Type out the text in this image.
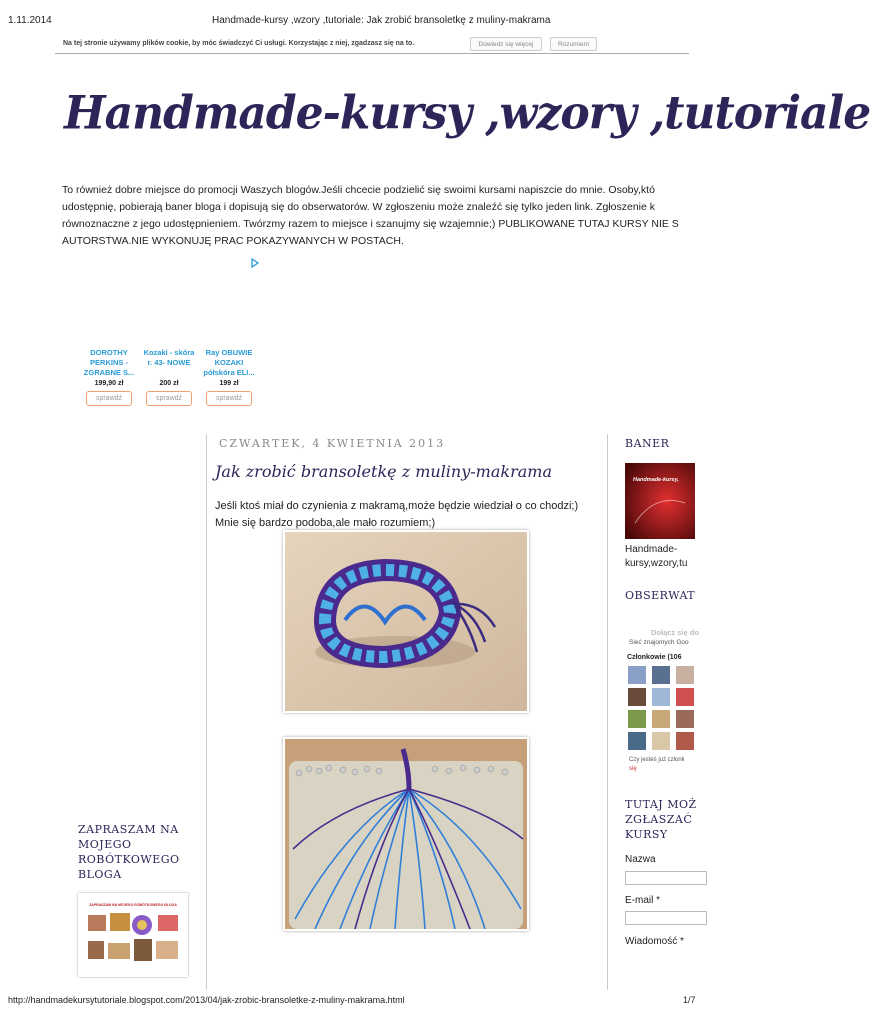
1.11.2014	Handmade-kursy ,wzory ,tutoriale: Jak zrobić bransoletkę z muliny-makrama
Na tej stronie używamy plików cookie, by móc świadczyć Ci usługi. Korzystając z niej, zgadzasz się na to.	Dowiedz się więcej	Rozumiem
Handmade-kursy ,wzory ,tutoriale
To również dobre miejsce do promocji Waszych blogów.Jeśli chcecie podzielić się swoimi kursami napiszcie do mnie. Osoby,któ
udostępnię, pobierają baner bloga i dopisują się do obserwatorów. W zgłoszeniu może znaleźć się tylko jeden link. Zgłoszenie k
równoznaczne z jego udostępnieniem. Twórzmy razem to miejsce i szanujmy się wzajemnie;) PUBLIKOWANE TUTAJ KURSY NIE S
AUTORSTWA.NIE WYKONUJĘ PRAC POKAZYWANYCH W POSTACH.
DOROTHY PERKINS - ZGRABNE S...
199,90 zł
sprawdź
Kozaki - skóra r. 43- NOWE
200 zł
sprawdź
Ray OBUWIE KOZAKI półskóra ELI...
199 zł
sprawdź
CZWARTEK, 4 KWIETNIA 2013
Jak zrobić bransoletkę z muliny-makrama
Jeśli ktoś miał do czynienia z makramą,może będzie wiedział o co chodzi;)
Mnie się bardzo podoba,ale mało rozumiem;)
ZAPRASZAM NA MOJEGO ROBÓTKOWEGO BLOGA
ZAPRASZAM NA MOJEGO ROBÓTKOWEGO BLOGA
BANER
Handmade-kursy,
Handmade-kursy,wzory,tu
OBSERWAT
Dołącz się do
Sieć znajomych Goo
Członkowie (106
Czy jesteś już członk
się
TUTAJ MOŻ ZGŁASZAĆ KURSY
Nazwa
E-mail *
Wiadomość *
http://handmadekursytutoriale.blogspot.com/2013/04/jak-zrobic-bransoletke-z-muliny-makrama.html	1/7
